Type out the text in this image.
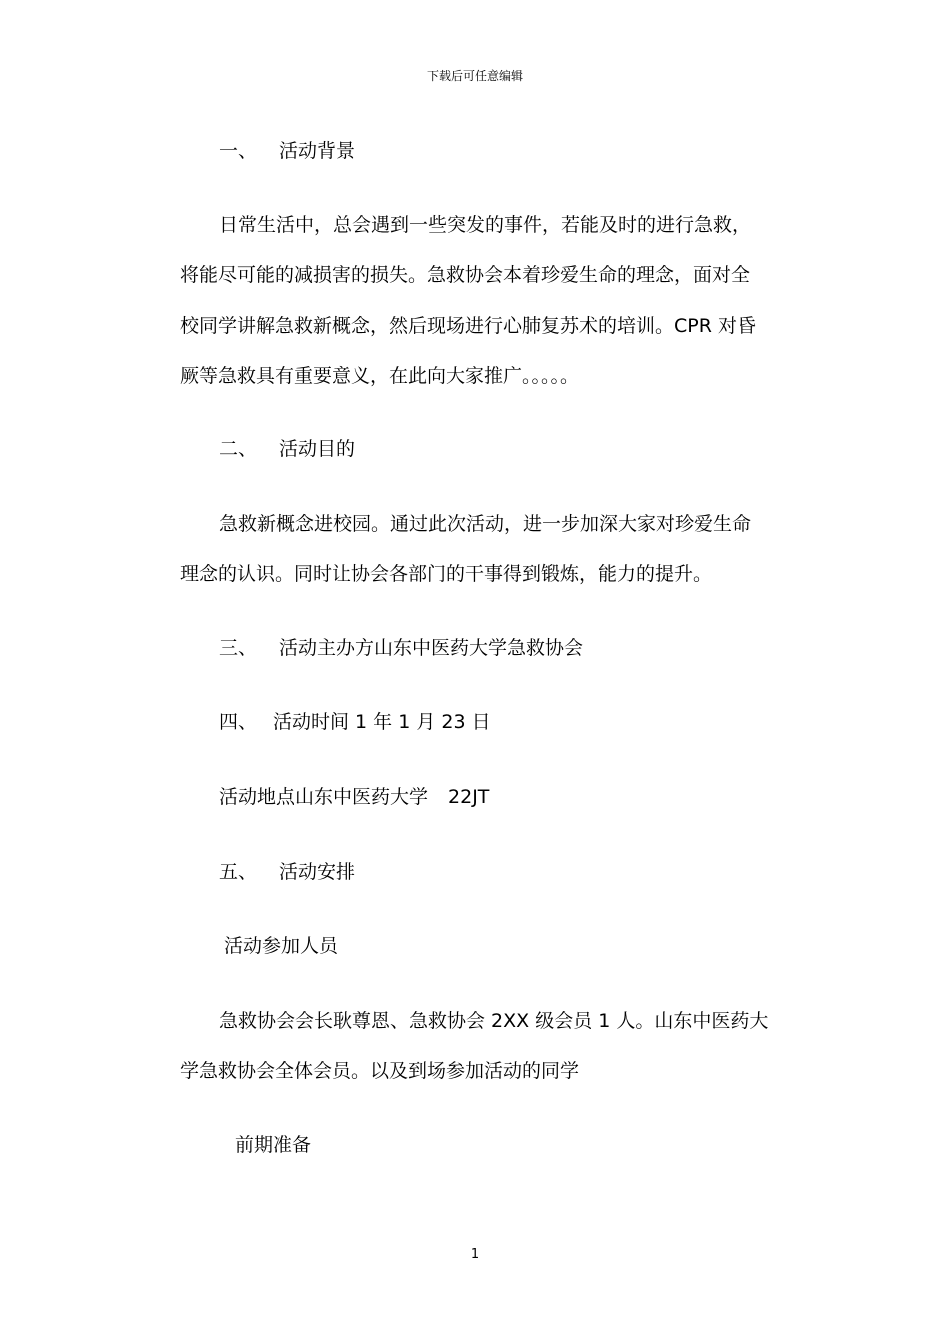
下载后可任意编辑
一、 活动背景
日常生活中，总会遇到一些突发的事件，若能及时的进行急救，
将能尽可能的减损害的损失。急救协会本着珍爱生命的理念，面对全
校同学讲解急救新概念，然后现场进行心肺复苏术的培训。CPR 对昏
厥等急救具有重要意义，在此向大家推广。。。。。
二、 活动目的
急救新概念进校园。通过此次活动，进一步加深大家对珍爱生命
理念的认识。同时让协会各部门的干事得到锻炼，能力的提升。
三、 活动主办方山东中医药大学急救协会
四、 活动时间 1 年 1 月 23 日
活动地点山东中医药大学 22JT
五、 活动安排
活动参加人员
急救协会会长耿尊恩、急救协会 2XX 级会员 1 人。山东中医药大
学急救协会全体会员。以及到场参加活动的同学
前期准备
1
